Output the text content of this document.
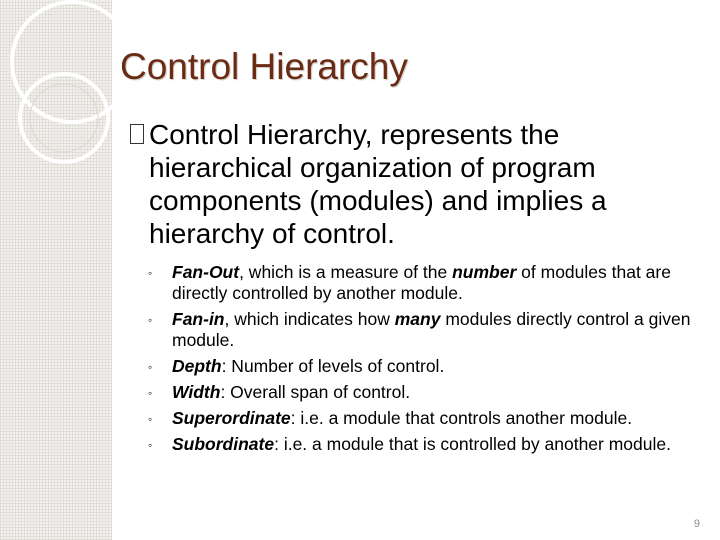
Control Hierarchy

Control Hierarchy, represents the hierarchical organization of program components (modules) and implies a hierarchy of control.

◦ Fan-Out, which is a measure of the number of modules that are directly controlled by another module.
◦ Fan-in, which indicates how many modules directly control a given module.
◦ Depth: Number of levels of control.
◦ Width: Overall span of control.
◦ Superordinate: i.e. a module that controls another module.
◦ Subordinate: i.e. a module that is controlled by another module.
9
